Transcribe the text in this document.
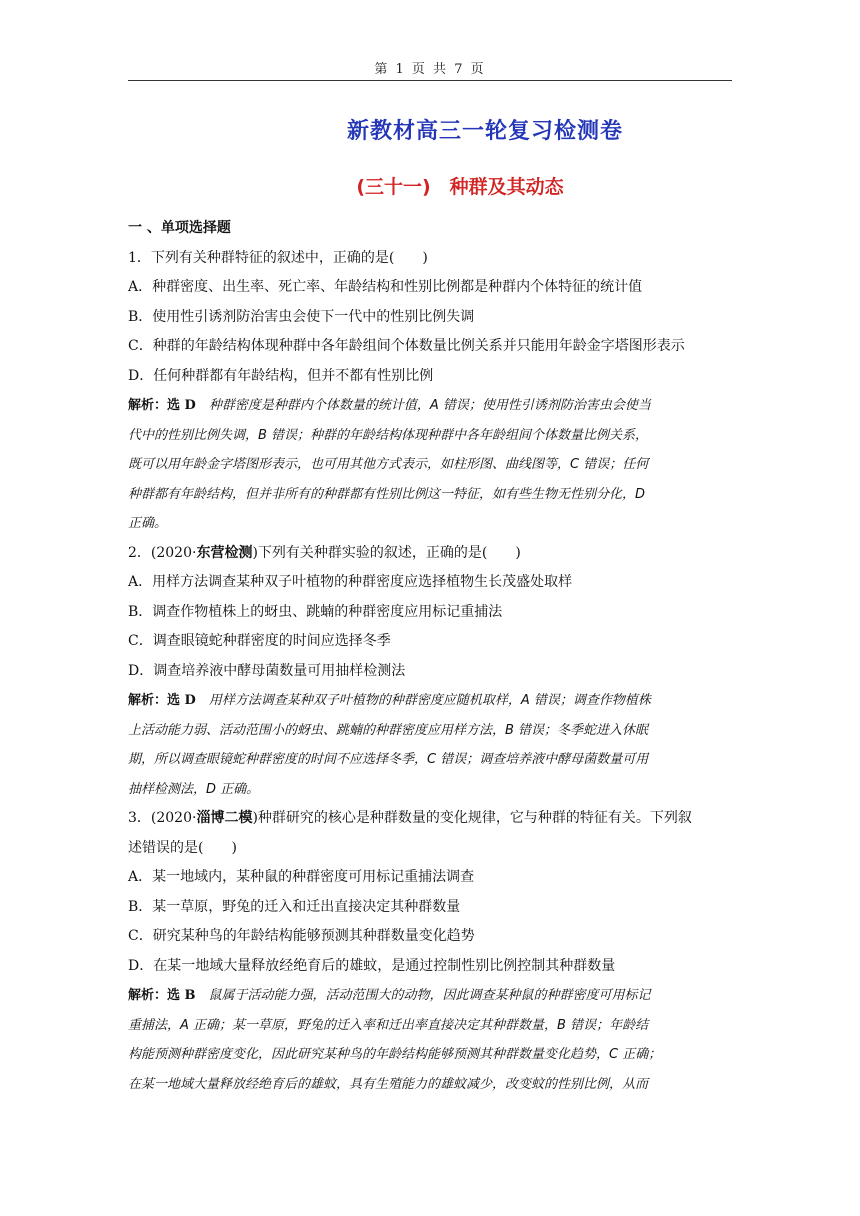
第 1 页 共 7 页
新教材高三一轮复习检测卷
(三十一)　种群及其动态
一 、单项选择题
1．下列有关种群特征的叙述中，正确的是(　　)
A．种群密度、出生率、死亡率、年龄结构和性别比例都是种群内个体特征的统计值
B．使用性引诱剂防治害虫会使下一代中的性别比例失调
C．种群的年龄结构体现种群中各年龄组间个体数量比例关系并只能用年龄金字塔图形表示
D．任何种群都有年龄结构，但并不都有性别比例
解析：选 D　 种群密度是种群内个体数量的统计值，A 错误；使用性引诱剂防治害虫会使当
代中的性别比例失调，B 错误；种群的年龄结构体现种群中各年龄组间个体数量比例关系，
既可以用年龄金字塔图形表示，也可用其他方式表示，如柱形图、曲线图等，C 错误；任何
种群都有年龄结构，但并非所有的种群都有性别比例这一特征，如有些生物无性别分化，D
正确。
2．(2020·东营检测)下列有关种群实验的叙述，正确的是(　　)
A．用样方法调查某种双子叶植物的种群密度应选择植物生长茂盛处取样
B．调查作物植株上的蚜虫、跳蝻的种群密度应用标记重捕法
C．调查眼镜蛇种群密度的时间应选择冬季
D．调查培养液中酵母菌数量可用抽样检测法
解析：选 D　 用样方法调查某种双子叶植物的种群密度应随机取样，A 错误；调查作物植株
上活动能力弱、活动范围小的蚜虫、跳蝻的种群密度应用样方法，B 错误；冬季蛇进入休眠
期，所以调查眼镜蛇种群密度的时间不应选择冬季，C 错误；调查培养液中酵母菌数量可用
抽样检测法，D 正确。
3．(2020·淄博二模)种群研究的核心是种群数量的变化规律，它与种群的特征有关。下列叙
述错误的是(　　)
A．某一地域内，某种鼠的种群密度可用标记重捕法调查
B．某一草原，野兔的迁入和迁出直接决定其种群数量
C．研究某种鸟的年龄结构能够预测其种群数量变化趋势
D．在某一地域大量释放经绝育后的雄蚊，是通过控制性别比例控制其种群数量
解析：选 B　 鼠属于活动能力强，活动范围大的动物，因此调查某种鼠的种群密度可用标记
重捕法，A 正确；某一草原，野兔的迁入率和迁出率直接决定其种群数量，B 错误；年龄结
构能预测种群密度变化，因此研究某种鸟的年龄结构能够预测其种群数量变化趋势，C 正确；
在某一地域大量释放经绝育后的雄蚊，具有生殖能力的雄蚊减少，改变蚊的性别比例，从而
